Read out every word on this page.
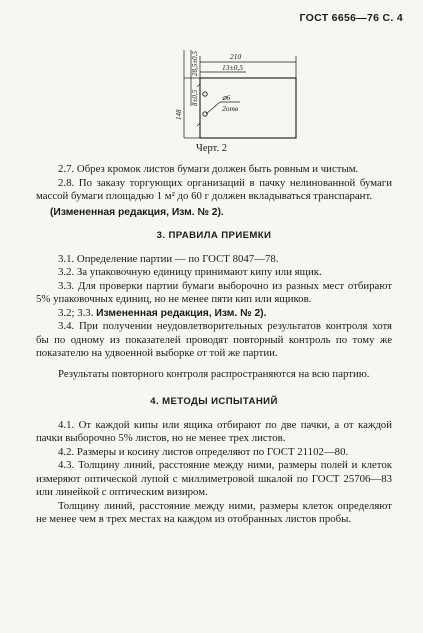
ГОСТ 6656—76 С. 4
210
13±0,5
28,5±0,5
8±0,5
148
⌀6
2отв
Черт. 2

2.7. Обрез кромок листов бумаги должен быть ровным и чистым.

2.8. По заказу торгующих организаций в пачку нелинованной бумаги массой бумаги площадью 1 м² до 60 г должен вкладываться транспарант.

(Измененная редакция, Изм. № 2).

3. ПРАВИЛА ПРИЕМКИ

3.1. Определение партии — по ГОСТ 8047—78.

3.2. За упаковочную единицу принимают кипу или ящик.

3.3. Для проверки партии бумаги выборочно из разных мест отбирают 5% упаковочных единиц, но не менее пяти кип или ящиков.

3.2; 3.3. Измененная редакция, Изм. № 2).

3.4. При получении неудовлетворительных результатов контроля хотя бы по одному из показателей проводят повторный контроль по тому же показателю на удвоенной выборке от той же партии.

Результаты повторного контроля распространяются на всю партию.

4. МЕТОДЫ ИСПЫТАНИЙ

4.1. От каждой кипы или ящика отбирают по две пачки, а от каждой пачки выборочно 5% листов, но не менее трех листов.

4.2. Размеры и косину листов определяют по ГОСТ 21102—80.

4.3. Толщину линий, расстояние между ними, размеры полей и клеток измеряют оптической лупой с миллиметровой шкалой по ГОСТ 25706—83 или линейкой с оптическим визиром.

Толщину линий, расстояние между ними, размеры клеток определяют не менее чем в трех местах на каждом из отобранных листов пробы.
